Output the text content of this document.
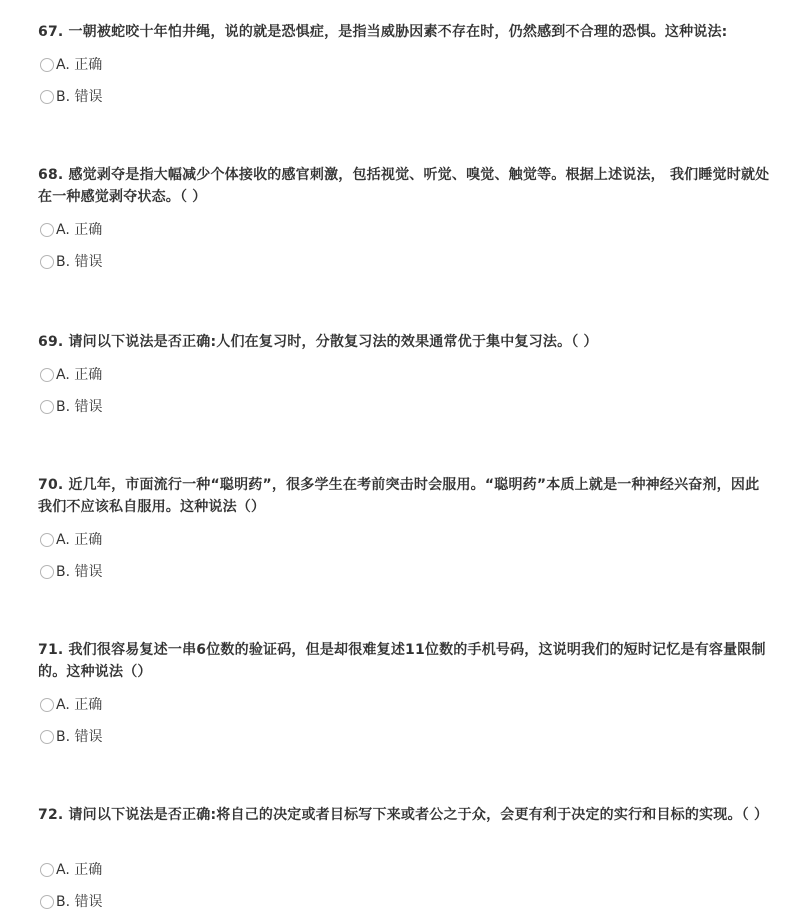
67. 一朝被蛇咬十年怕井绳，说的就是恐惧症，是指当威胁因素不存在时，仍然感到不合理的恐惧。这种说法:

A. 正确
B. 错误

68. 感觉剥夺是指大幅减少个体接收的感官刺激，包括视觉、听觉、嗅觉、触觉等。根据上述说法， 我们睡觉时就处在一种感觉剥夺状态。（ ）

A. 正确
B. 错误

69. 请问以下说法是否正确:人们在复习时，分散复习法的效果通常优于集中复习法。（ ）

A. 正确
B. 错误

70. 近几年，市面流行一种“聪明药”，很多学生在考前突击时会服用。“聪明药”本质上就是一种神经兴奋剂，因此我们不应该私自服用。这种说法（）

A. 正确
B. 错误

71. 我们很容易复述一串6位数的验证码，但是却很难复述11位数的手机号码，这说明我们的短时记忆是有容量限制的。这种说法（）

A. 正确
B. 错误

72. 请问以下说法是否正确:将自己的决定或者目标写下来或者公之于众，会更有利于决定的实行和目标的实现。（ ）

A. 正确
B. 错误
